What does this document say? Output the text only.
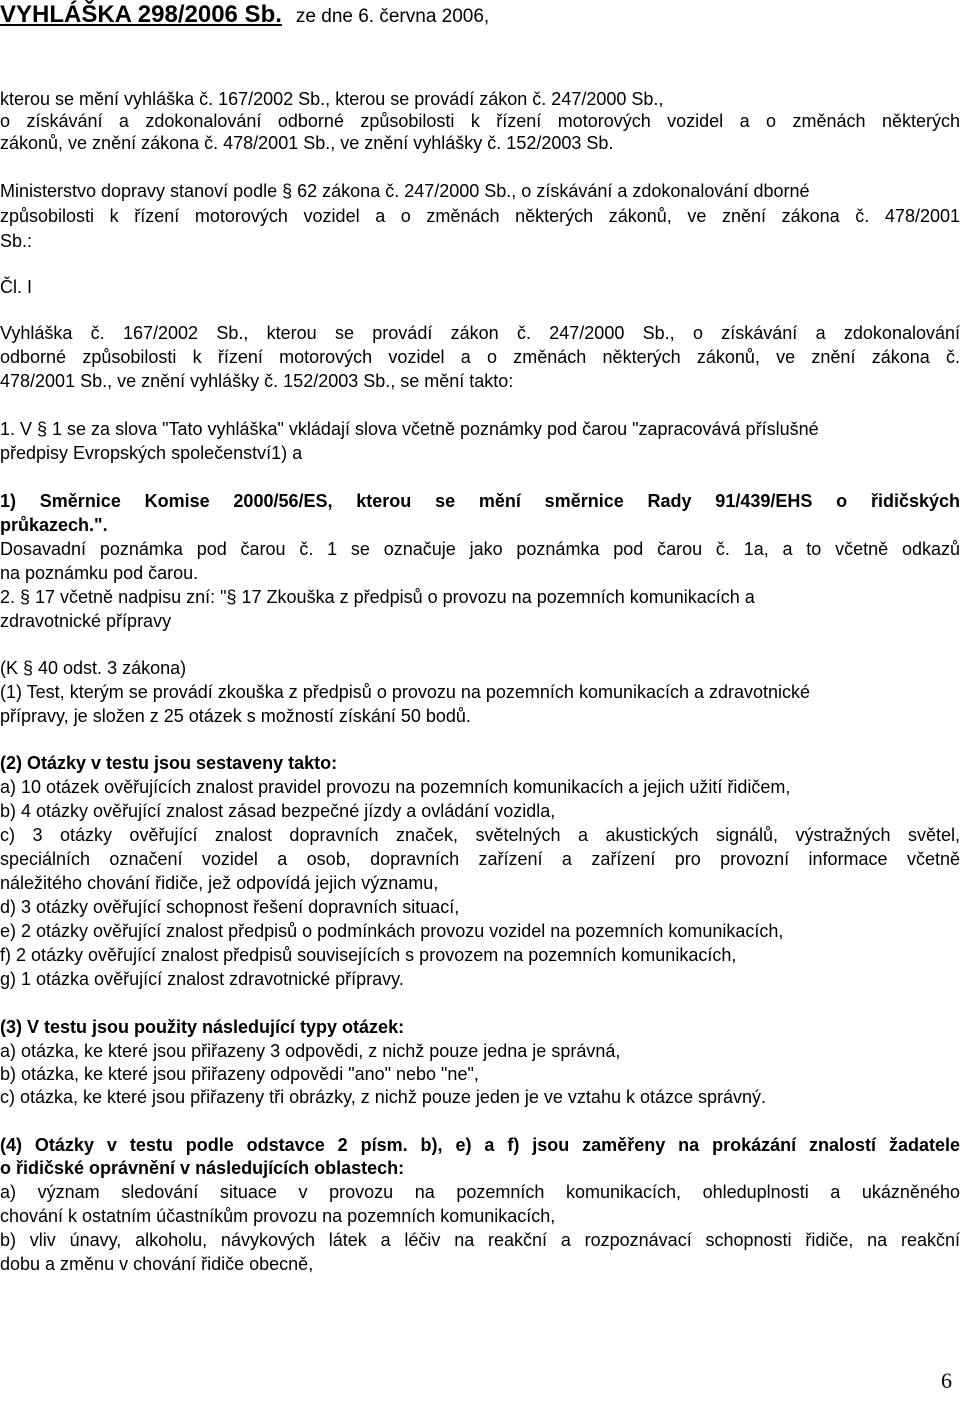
VYHLÁŠKA 298/2006 Sb. ze dne 6. června 2006,

kterou se mění vyhláška č. 167/2002 Sb., kterou se provádí zákon č. 247/2000 Sb.,

o získávání a zdokonalování odborné způsobilosti k řízení motorových vozidel a o změnách některých

zákonů, ve znění zákona č. 478/2001 Sb., ve znění vyhlášky č. 152/2003 Sb.

Ministerstvo dopravy stanoví podle § 62 zákona č. 247/2000 Sb., o získávání a zdokonalování dborné

způsobilosti k řízení motorových vozidel a o změnách některých zákonů, ve znění zákona č. 478/2001

Sb.:

Čl. I

Vyhláška č. 167/2002 Sb., kterou se provádí zákon č. 247/2000 Sb., o získávání a zdokonalování

odborné způsobilosti k řízení motorových vozidel a o změnách některých zákonů, ve znění zákona č.

478/2001 Sb., ve znění vyhlášky č. 152/2003 Sb., se mění takto:

1. V § 1 se za slova "Tato vyhláška" vkládají slova včetně poznámky pod čarou "zapracovává příslušné

předpisy Evropských společenství1) a

1) Směrnice Komise 2000/56/ES, kterou se mění směrnice Rady 91/439/EHS o řidičských

průkazech.".

Dosavadní poznámka pod čarou č. 1 se označuje jako poznámka pod čarou č. 1a, a to včetně odkazů

na poznámku pod čarou.

2. § 17 včetně nadpisu zní: "§ 17 Zkouška z předpisů o provozu na pozemních komunikacích a

zdravotnické přípravy

(K § 40 odst. 3 zákona)

(1) Test, kterým se provádí zkouška z předpisů o provozu na pozemních komunikacích a zdravotnické

přípravy, je složen z 25 otázek s možností získání 50 bodů.

(2) Otázky v testu jsou sestaveny takto:

a) 10 otázek ověřujících znalost pravidel provozu na pozemních komunikacích a jejich užití řidičem,

b) 4 otázky ověřující znalost zásad bezpečné jízdy a ovládání vozidla,

c) 3 otázky ověřující znalost dopravních značek, světelných a akustických signálů, výstražných světel,

speciálních označení vozidel a osob, dopravních zařízení a zařízení pro provozní informace včetně

náležitého chování řidiče, jež odpovídá jejich významu,

d) 3 otázky ověřující schopnost řešení dopravních situací,

e) 2 otázky ověřující znalost předpisů o podmínkách provozu vozidel na pozemních komunikacích,

f) 2 otázky ověřující znalost předpisů souvisejících s provozem na pozemních komunikacích,

g) 1 otázka ověřující znalost zdravotnické přípravy.

(3) V testu jsou použity následující typy otázek:

a) otázka, ke které jsou přiřazeny 3 odpovědi, z nichž pouze jedna je správná,

b) otázka, ke které jsou přiřazeny odpovědi "ano" nebo "ne",

c) otázka, ke které jsou přiřazeny tři obrázky, z nichž pouze jeden je ve vztahu k otázce správný.

(4) Otázky v testu podle odstavce 2 písm. b), e) a f) jsou zaměřeny na prokázání znalostí žadatele

o řidičské oprávnění v následujících oblastech:

a) význam sledování situace v provozu na pozemních komunikacích, ohleduplnosti a ukázněného

chování k ostatním účastníkům provozu na pozemních komunikacích,

b) vliv únavy, alkoholu, návykových látek a léčiv na reakční a rozpoznávací schopnosti řidiče, na reakční

dobu a změnu v chování řidiče obecně,

6
